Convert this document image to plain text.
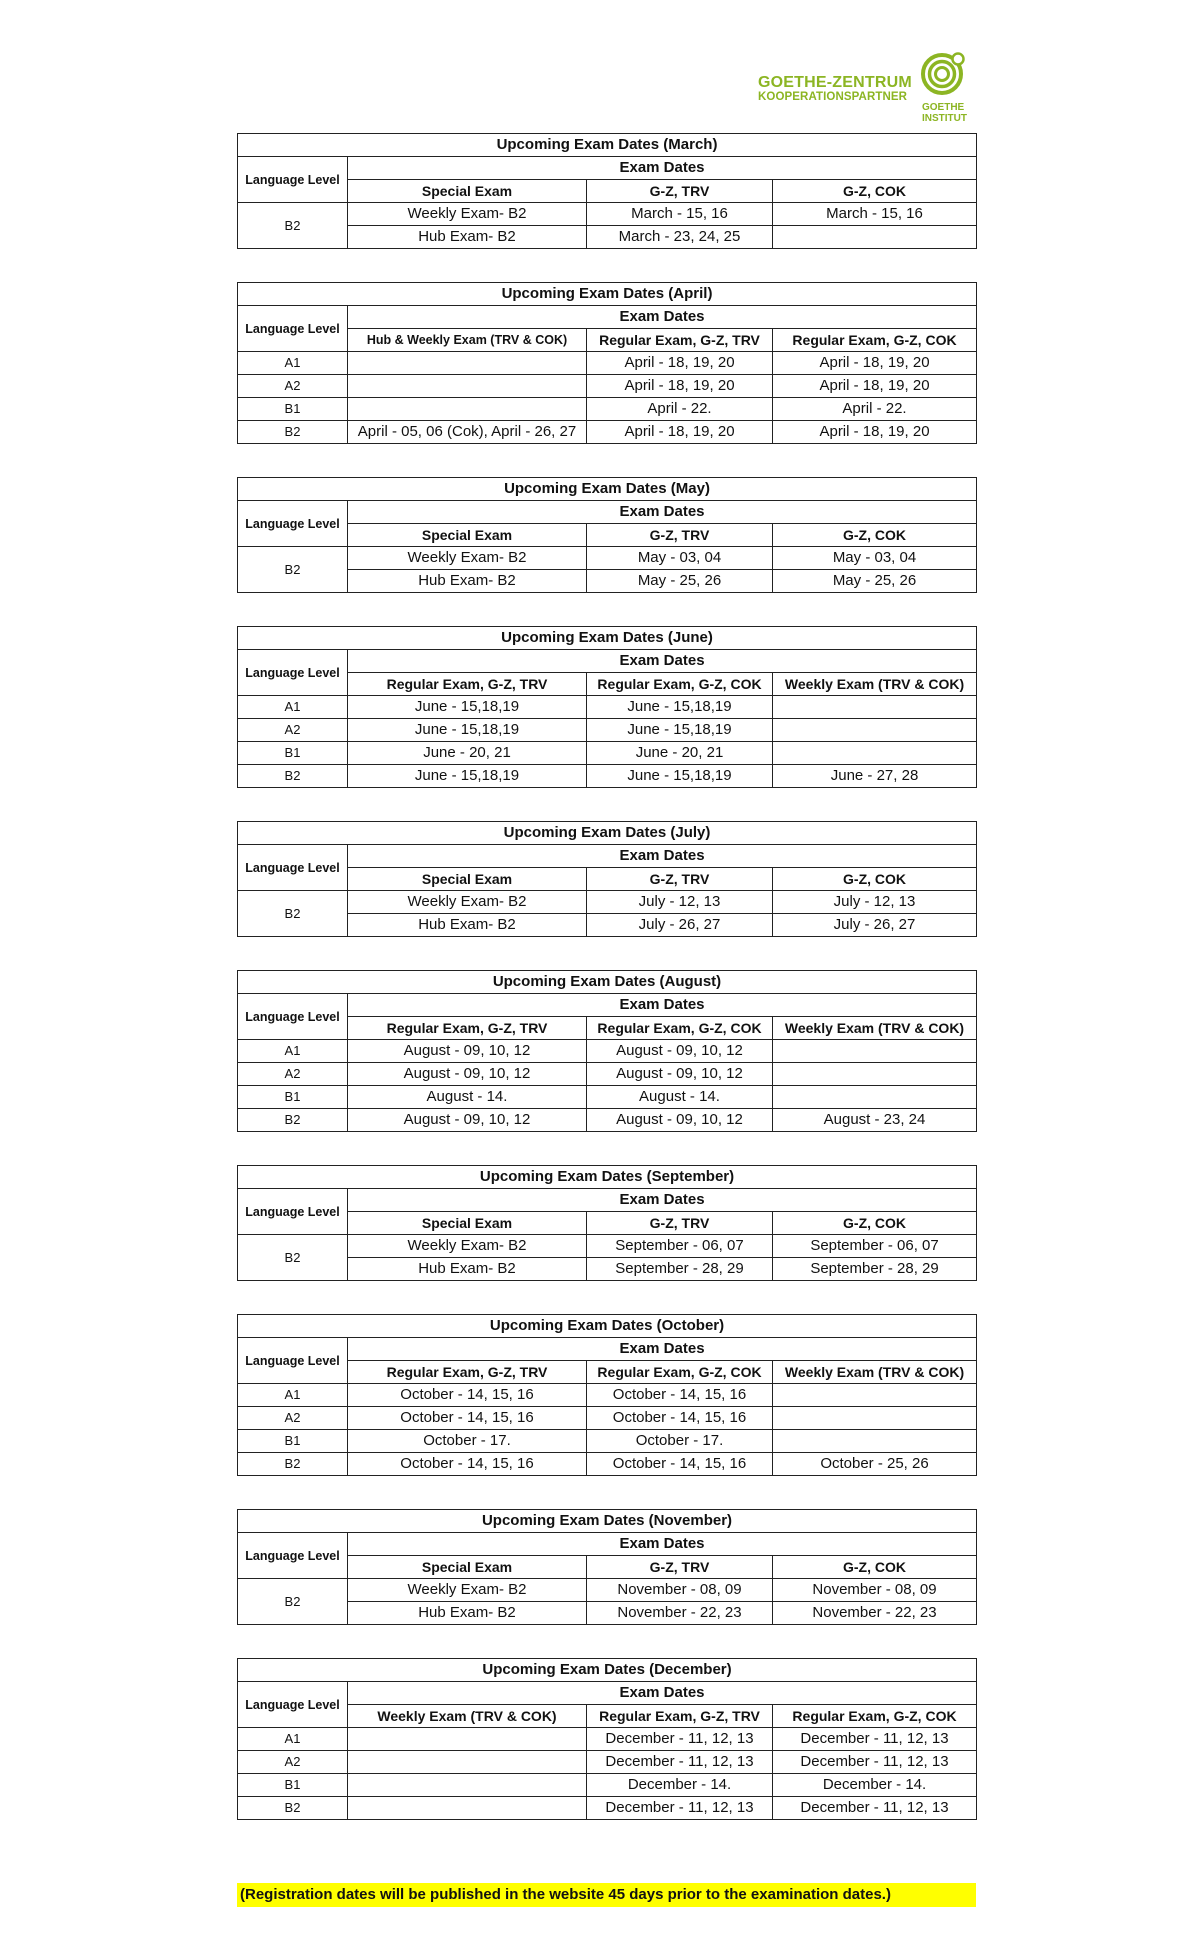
GOETHE-ZENTRUM
KOOPERATIONSPARTNER
GOETHE
INSTITUT
Upcoming Exam Dates (March)			
Language Level	Exam Dates		
	Special Exam	G-Z, TRV	G-Z, COK
B2	Weekly Exam- B2	March - 15, 16	March - 15, 16
	Hub Exam- B2	March - 23, 24, 25	
Upcoming Exam Dates (April)			
Language Level	Exam Dates		
	Hub & Weekly Exam (TRV & COK)	Regular Exam, G-Z, TRV	Regular Exam, G-Z, COK
A1		April - 18, 19, 20	April - 18, 19, 20
A2		April - 18, 19, 20	April - 18, 19, 20
B1		April - 22.	April - 22.
B2	April - 05, 06 (Cok), April - 26, 27	April - 18, 19, 20	April - 18, 19, 20
Upcoming Exam Dates (May)			
Language Level	Exam Dates		
	Special Exam	G-Z, TRV	G-Z, COK
B2	Weekly Exam- B2	May - 03, 04	May - 03, 04
	Hub Exam- B2	May - 25, 26	May - 25, 26
Upcoming Exam Dates (June)			
Language Level	Exam Dates		
	Regular Exam, G-Z, TRV	Regular Exam, G-Z, COK	Weekly Exam (TRV & COK)
A1	June - 15,18,19	June - 15,18,19	
A2	June - 15,18,19	June - 15,18,19	
B1	June - 20, 21	June - 20, 21	
B2	June - 15,18,19	June - 15,18,19	June - 27, 28
Upcoming Exam Dates (July)			
Language Level	Exam Dates		
	Special Exam	G-Z, TRV	G-Z, COK
B2	Weekly Exam- B2	July - 12, 13	July - 12, 13
	Hub Exam- B2	July - 26, 27	July - 26, 27
Upcoming Exam Dates (August)			
Language Level	Exam Dates		
	Regular Exam, G-Z, TRV	Regular Exam, G-Z, COK	Weekly Exam (TRV & COK)
A1	August - 09, 10, 12	August - 09, 10, 12	
A2	August - 09, 10, 12	August - 09, 10, 12	
B1	August - 14.	August - 14.	
B2	August - 09, 10, 12	August - 09, 10, 12	August - 23, 24
Upcoming Exam Dates (September)			
Language Level	Exam Dates		
	Special Exam	G-Z, TRV	G-Z, COK
B2	Weekly Exam- B2	September - 06, 07	September - 06, 07
	Hub Exam- B2	September - 28, 29	September - 28, 29
Upcoming Exam Dates (October)			
Language Level	Exam Dates		
	Regular Exam, G-Z, TRV	Regular Exam, G-Z, COK	Weekly Exam (TRV & COK)
A1	October - 14, 15, 16	October - 14, 15, 16	
A2	October - 14, 15, 16	October - 14, 15, 16	
B1	October - 17.	October - 17.	
B2	October - 14, 15, 16	October - 14, 15, 16	October - 25, 26
Upcoming Exam Dates (November)			
Language Level	Exam Dates		
	Special Exam	G-Z, TRV	G-Z, COK
B2	Weekly Exam- B2	November - 08, 09	November - 08, 09
	Hub Exam- B2	November - 22, 23	November - 22, 23
Upcoming Exam Dates (December)			
Language Level	Exam Dates		
	Weekly Exam (TRV & COK)	Regular Exam, G-Z, TRV	Regular Exam, G-Z, COK
A1		December - 11, 12, 13	December - 11, 12, 13
A2		December - 11, 12, 13	December - 11, 12, 13
B1		December - 14.	December - 14.
B2		December - 11, 12, 13	December - 11, 12, 13
(Registration dates will be published in the website 45 days prior to the examination dates.)
